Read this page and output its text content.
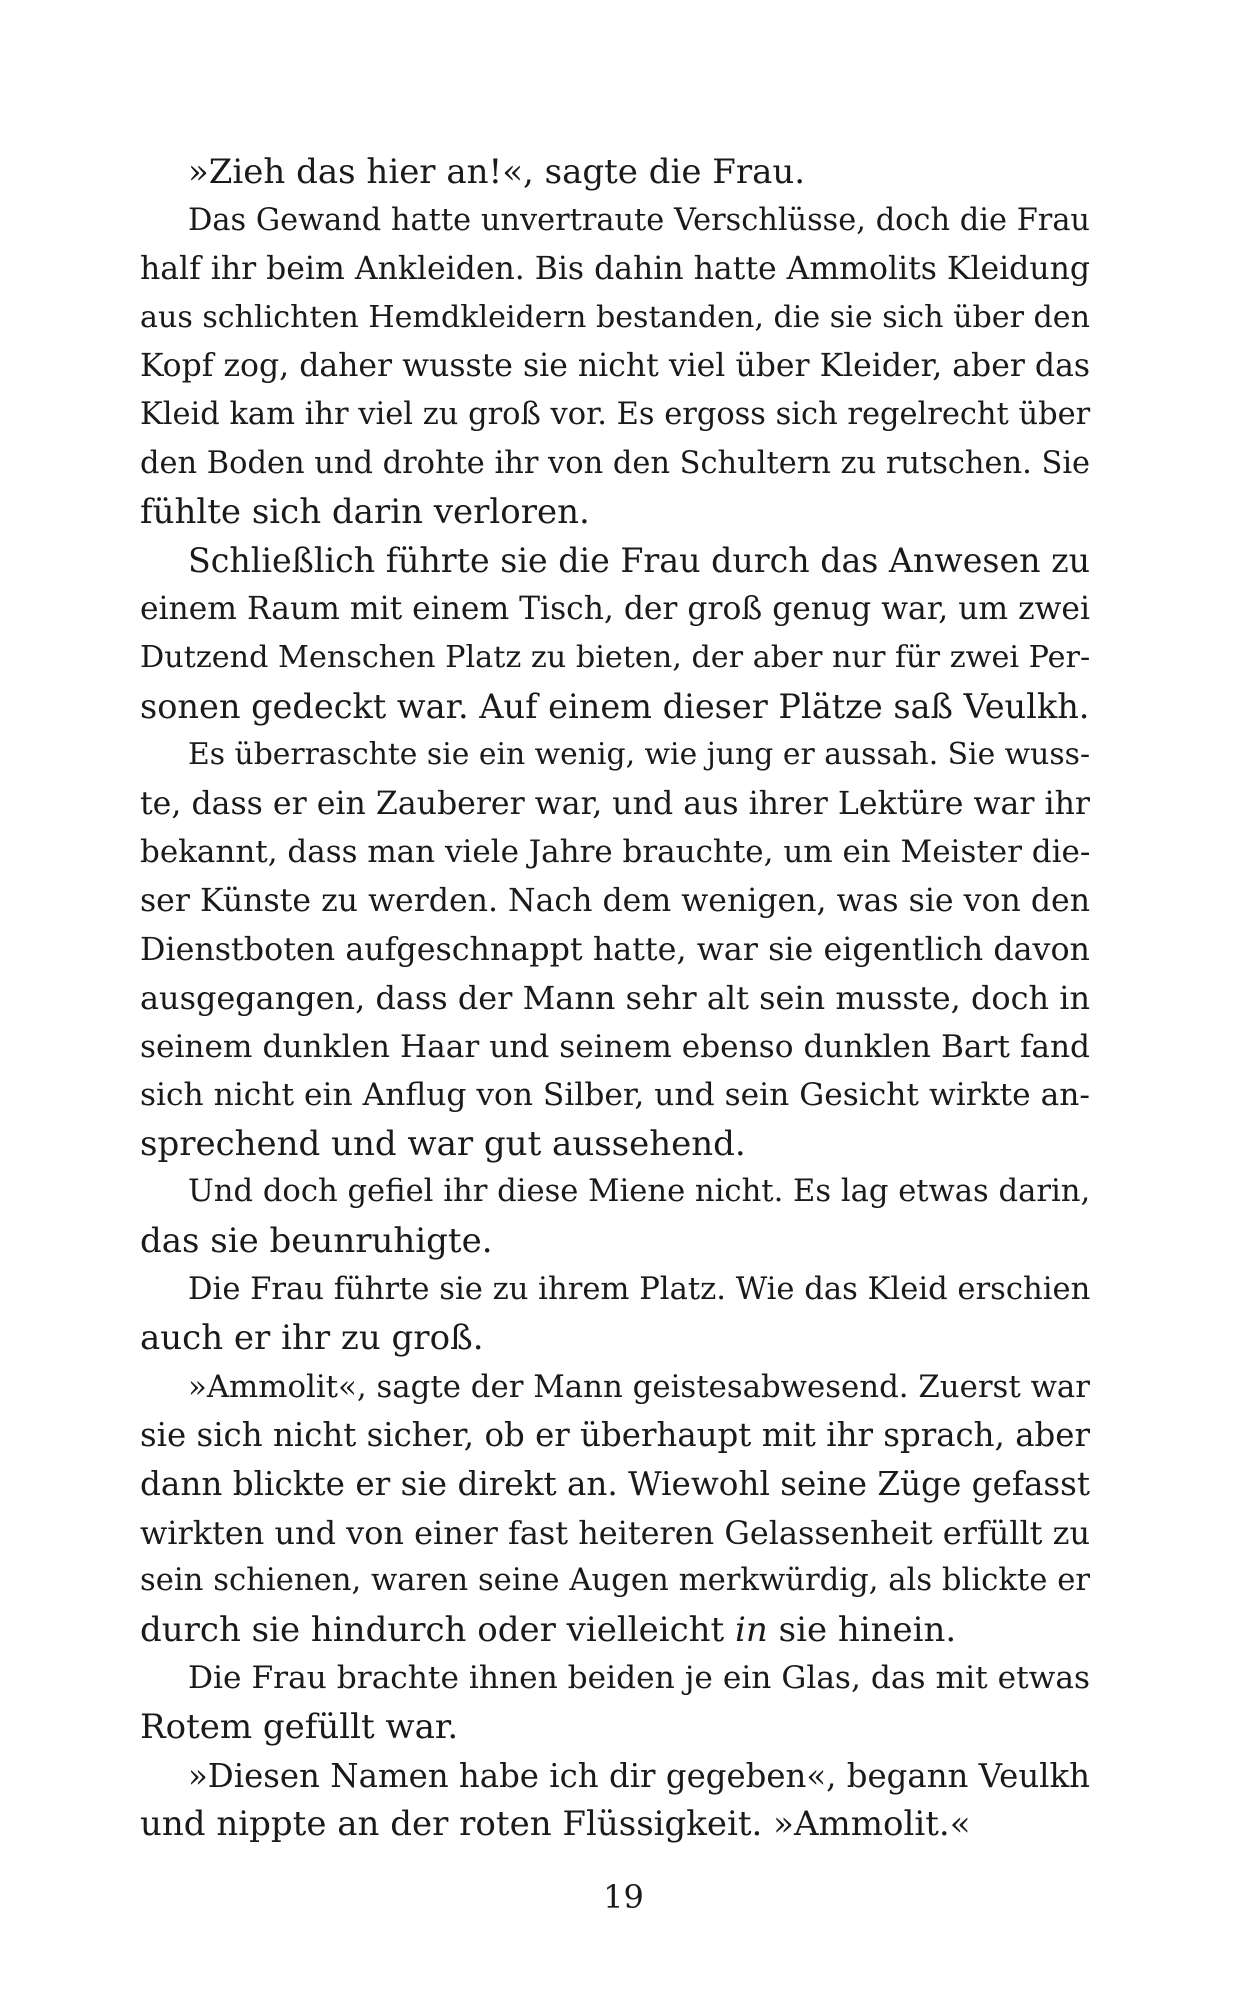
»Zieh das hier an!«, sagte die Frau.
Das Gewand hatte unvertraute Verschlüsse, doch die Frau
half ihr beim Ankleiden. Bis dahin hatte Ammolits Kleidung
aus schlichten Hemdkleidern bestanden, die sie sich über den
Kopf zog, daher wusste sie nicht viel über Kleider, aber das
Kleid kam ihr viel zu groß vor. Es ergoss sich regelrecht über
den Boden und drohte ihr von den Schultern zu rutschen. Sie
fühlte sich darin verloren.
Schließlich führte sie die Frau durch das Anwesen zu
einem Raum mit einem Tisch, der groß genug war, um zwei
Dutzend Menschen Platz zu bieten, der aber nur für zwei Per-
sonen gedeckt war. Auf einem dieser Plätze saß Veulkh.
Es überraschte sie ein wenig, wie jung er aussah. Sie wuss-
te, dass er ein Zauberer war, und aus ihrer Lektüre war ihr
bekannt, dass man viele Jahre brauchte, um ein Meister die-
ser Künste zu werden. Nach dem wenigen, was sie von den
Dienstboten aufgeschnappt hatte, war sie eigentlich davon
ausgegangen, dass der Mann sehr alt sein musste, doch in
seinem dunklen Haar und seinem ebenso dunklen Bart fand
sich nicht ein Anflug von Silber, und sein Gesicht wirkte an-
sprechend und war gut aussehend.
Und doch gefiel ihr diese Miene nicht. Es lag etwas darin,
das sie beunruhigte.
Die Frau führte sie zu ihrem Platz. Wie das Kleid erschien
auch er ihr zu groß.
»Ammolit«, sagte der Mann geistesabwesend. Zuerst war
sie sich nicht sicher, ob er überhaupt mit ihr sprach, aber
dann blickte er sie direkt an. Wiewohl seine Züge gefasst
wirkten und von einer fast heiteren Gelassenheit erfüllt zu
sein schienen, waren seine Augen merkwürdig, als blickte er
durch sie hindurch oder vielleicht in sie hinein.
Die Frau brachte ihnen beiden je ein Glas, das mit etwas
Rotem gefüllt war.
»Diesen Namen habe ich dir gegeben«, begann Veulkh
und nippte an der roten Flüssigkeit. »Ammolit.«
19
